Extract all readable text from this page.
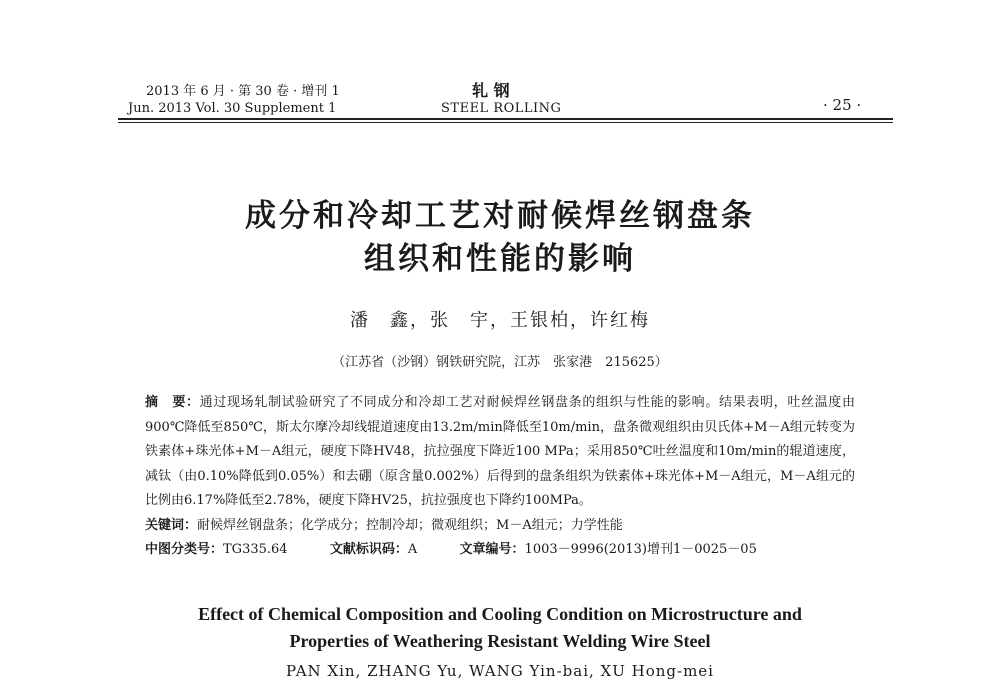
2013 年 6 月 · 第 30 卷 · 增刊 1
Jun. 2013 Vol. 30 Supplement 1
轧 钢
STEEL ROLLING	· 25 ·
成分和冷却工艺对耐候焊丝钢盘条
组织和性能的影响
潘　鑫，张　宇，王银柏，许红梅
（江苏省（沙钢）钢铁研究院，江苏　张家港　215625）
摘　要：通过现场轧制试验研究了不同成分和冷却工艺对耐候焊丝钢盘条的组织与性能的影响。结果表明，吐丝温度由900℃降低至850℃，斯太尔摩冷却线辊道速度由13.2m/min降低至10m/min，盘条微观组织由贝氏体+M－A组元转变为铁素体+珠光体+M－A组元，硬度下降HV48，抗拉强度下降近100 MPa；采用850℃吐丝温度和10m/min的辊道速度，减钛（由0.10%降低到0.05%）和去硼（原含量0.002%）后得到的盘条组织为铁素体+珠光体+M－A组元，M－A组元的比例由6.17%降低至2.78%，硬度下降HV25，抗拉强度也下降约100MPa。
关键词：耐候焊丝钢盘条；化学成分；控制冷却；微观组织；M－A组元；力学性能
中图分类号：TG335.64	文献标识码：A	文章编号：1003－9996(2013)增刊1－0025－05
Effect of Chemical Composition and Cooling Condition on Microstructure and
Properties of Weathering Resistant Welding Wire Steel
PAN Xin, ZHANG Yu, WANG Yin-bai, XU Hong-mei
